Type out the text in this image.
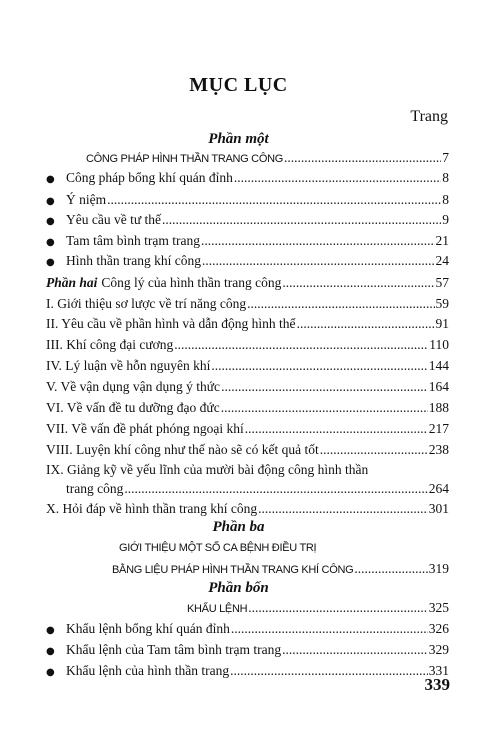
MỤC LỤC
Trang
Phần một
CÔNG PHÁP HÌNH THẦN TRANG CÔNG .....	7
● Công pháp bổng khí quán đỉnh .....	8
● Ý niệm .....	8
● Yêu cầu về tư thế .....	9
● Tam tâm bình trạm trang .....	21
● Hình thần trang khí công .....	24
Phần hai Công lý của hình thần trang công .....	57
I. Giới thiệu sơ lược về trí năng công .....	59
II. Yêu cầu về phần hình và dẫn động hình thể .....	91
III. Khí công đại cương .....	110
IV. Lý luận về hỗn nguyên khí .....	144
V. Về vận dụng vận dụng ý thức .....	164
VI. Về vấn đề tu dưỡng đạo đức .....	188
VII. Về vấn đề phát phóng ngoại khí .....	217
VIII. Luyện khí công như thế nào sẽ có kết quả tốt .....	238
IX. Giảng kỹ về yếu lĩnh của mười bài động công hình thần
trang công .....	264
X. Hỏi đáp về hình thần trang khí công .....	301
Phần ba
GIỚI THIỆU MỘT SỐ CA BỆNH ĐIỀU TRỊ
BẰNG LIỆU PHÁP HÌNH THẦN TRANG KHÍ CÔNG .....	319
Phần bốn
KHẨU LỆNH .....	325
● Khẩu lệnh bổng khí quán đỉnh .....	326
● Khẩu lệnh của Tam tâm bình trạm trang .....	329
● Khẩu lệnh của hình thần trang .....	331
339
